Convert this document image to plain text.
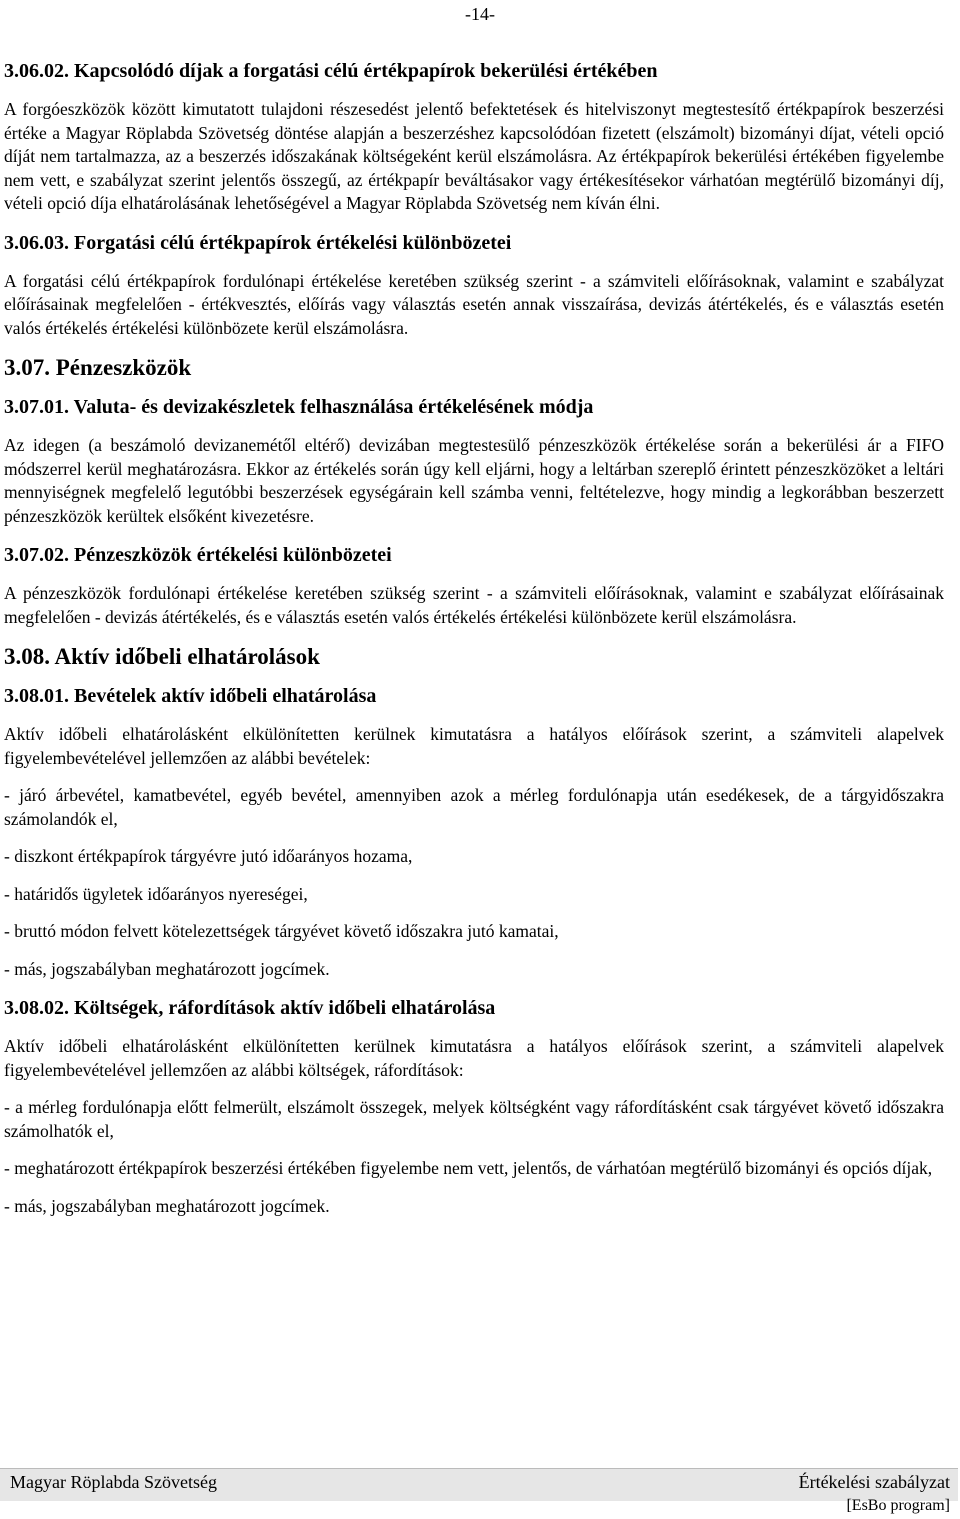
-14-
3.06.02. Kapcsolódó díjak a forgatási célú értékpapírok bekerülési értékében

A forgóeszközök között kimutatott tulajdoni részesedést jelentő befektetések és hitelviszonyt megtestesítő értékpapírok beszerzési értéke a Magyar Röplabda Szövetség döntése alapján a beszerzéshez kapcsolódóan fizetett (elszámolt) bizományi díjat, vételi opció díját nem tartalmazza, az a beszerzés időszakának költségeként kerül elszámolásra. Az értékpapírok bekerülési értékében figyelembe nem vett, e szabályzat szerint jelentős összegű, az értékpapír beváltásakor vagy értékesítésekor várhatóan megtérülő bizományi díj, vételi opció díja elhatárolásának lehetőségével a Magyar Röplabda Szövetség nem kíván élni.

3.06.03. Forgatási célú értékpapírok értékelési különbözetei

A forgatási célú értékpapírok fordulónapi értékelése keretében szükség szerint - a számviteli előírásoknak, valamint e szabályzat előírásainak megfelelően - értékvesztés, előírás vagy választás esetén annak visszaírása, devizás átértékelés, és e választás esetén valós értékelés értékelési különbözete kerül elszámolásra.

3.07. Pénzeszközök
3.07.01. Valuta- és devizakészletek felhasználása értékelésének módja

Az idegen (a beszámoló devizanemétől eltérő) devizában megtestesülő pénzeszközök értékelése során a bekerülési ár a FIFO módszerrel kerül meghatározásra. Ekkor az értékelés során úgy kell eljárni, hogy a leltárban szereplő érintett pénzeszközöket a leltári mennyiségnek megfelelő legutóbbi beszerzések egységárain kell számba venni, feltételezve, hogy mindig a legkorábban beszerzett pénzeszközök kerültek elsőként kivezetésre.

3.07.02. Pénzeszközök értékelési különbözetei

A pénzeszközök fordulónapi értékelése keretében szükség szerint - a számviteli előírásoknak, valamint e szabályzat előírásainak megfelelően - devizás átértékelés, és e választás esetén valós értékelés értékelési különbözete kerül elszámolásra.

3.08. Aktív időbeli elhatárolások
3.08.01. Bevételek aktív időbeli elhatárolása

Aktív időbeli elhatárolásként elkülönítetten kerülnek kimutatásra a hatályos előírások szerint, a számviteli alapelvek figyelembevételével jellemzően az alábbi bevételek:

- járó árbevétel, kamatbevétel, egyéb bevétel, amennyiben azok a mérleg fordulónapja után esedékesek, de a tárgyidőszakra számolandók el,

- diszkont értékpapírok tárgyévre jutó időarányos hozama,

- határidős ügyletek időarányos nyereségei,

- bruttó módon felvett kötelezettségek tárgyévet követő időszakra jutó kamatai,

- más, jogszabályban meghatározott jogcímek.

3.08.02. Költségek, ráfordítások aktív időbeli elhatárolása

Aktív időbeli elhatárolásként elkülönítetten kerülnek kimutatásra a hatályos előírások szerint, a számviteli alapelvek figyelembevételével jellemzően az alábbi költségek, ráfordítások:

- a mérleg fordulónapja előtt felmerült, elszámolt összegek, melyek költségként vagy ráfordításként csak tárgyévet követő időszakra számolhatók el,

- meghatározott értékpapírok beszerzési értékében figyelembe nem vett, jelentős, de várhatóan megtérülő bizományi és opciós díjak,

- más, jogszabályban meghatározott jogcímek.

Magyar Röplabda Szövetség	Értékelési szabályzat
[EsBo program]
